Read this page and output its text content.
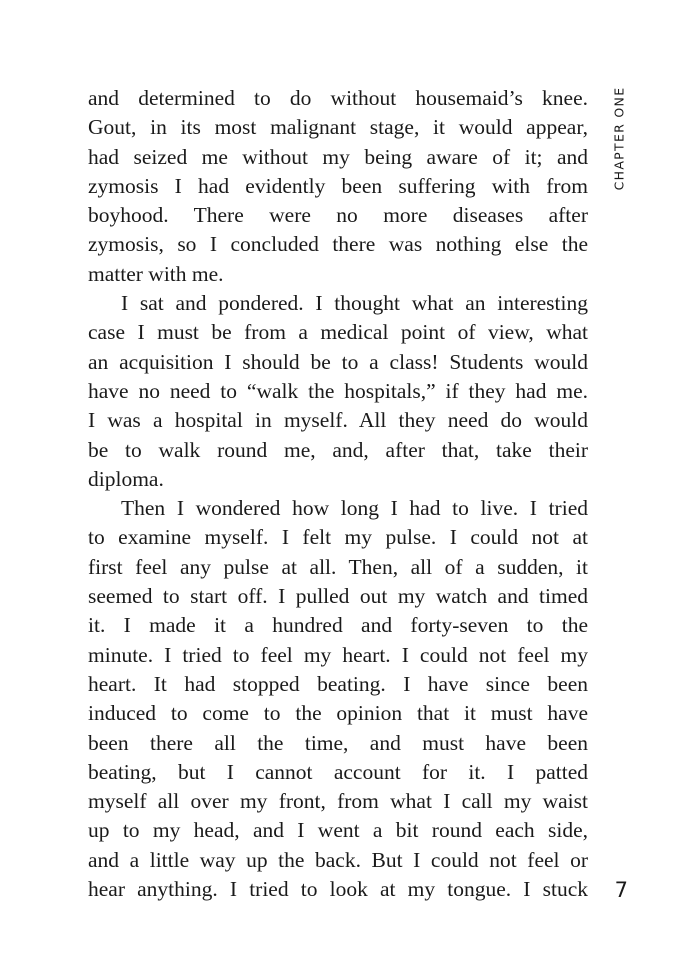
and determined to do without housemaid’s knee.
Gout, in its most malignant stage, it would appear,
had seized me without my being aware of it; and
zymosis I had evidently been suffering with from
boyhood. There were no more diseases after
zymosis, so I concluded there was nothing else the
matter with me.
I sat and pondered. I thought what an interesting
case I must be from a medical point of view, what
an acquisition I should be to a class! Students would
have no need to “walk the hospitals,” if they had me.
I was a hospital in myself. All they need do would
be to walk round me, and, after that, take their
diploma.
Then I wondered how long I had to live. I tried
to examine myself. I felt my pulse. I could not at
first feel any pulse at all. Then, all of a sudden, it
seemed to start off. I pulled out my watch and timed
it. I made it a hundred and forty-seven to the
minute. I tried to feel my heart. I could not feel my
heart. It had stopped beating. I have since been
induced to come to the opinion that it must have
been there all the time, and must have been
beating, but I cannot account for it. I patted
myself all over my front, from what I call my waist
up to my head, and I went a bit round each side,
and a little way up the back. But I could not feel or
hear anything. I tried to look at my tongue. I stuck
CHAPTER ONE
7
